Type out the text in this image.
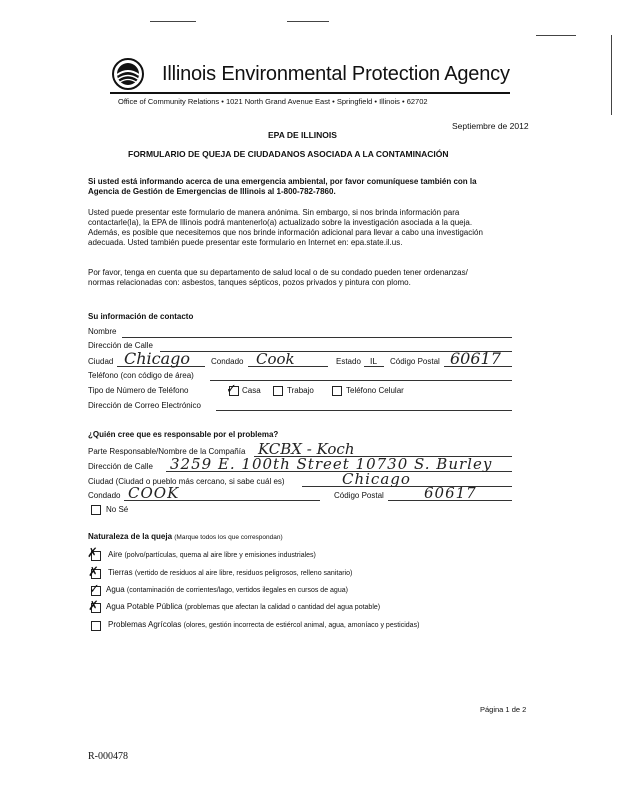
Illinois Environmental Protection Agency
Office of Community Relations • 1021 North Grand Avenue East • Springfield • Illinois • 62702
Septiembre de 2012
EPA DE ILLINOIS
FORMULARIO DE QUEJA DE CIUDADANOS ASOCIADA A LA CONTAMINACIÓN
Si usted está informando acerca de una emergencia ambiental, por favor comuníquese también con la
Agencia de Gestión de Emergencias de Illinois al 1-800-782-7860.
Usted puede presentar este formulario de manera anónima. Sin embargo, si nos brinda información para
contactarle(la), la EPA de Illinois podrá mantenerlo(a) actualizado sobre la investigación asociada a la queja.
Además, es posible que necesitemos que nos brinde información adicional para llevar a cabo una investigación
adecuada. Usted también puede presentar este formulario en Internet en: epa.state.il.us.
Por favor, tenga en cuenta que su departamento de salud local o de su condado pueden tener ordenanzas/
normas relacionadas con: asbestos, tanques sépticos, pozos privados y pintura con plomo.
Su información de contacto
Nombre
Dirección de Calle
Ciudad Chicago	Condado Cook	Estado IL Código Postal 60617
Teléfono (con código de área)
Tipo de Número de Teléfono	✓ Casa	Trabajo	Teléfono Celular
Dirección de Correo Electrónico
¿Quién cree que es responsable por el problema?
Parte Responsable/Nombre de la Compañía KCBX - Koch
Dirección de Calle 3259 E. 100th Street 10730 S. Burley
Ciudad (Ciudad o pueblo más cercano, si sabe cuál es)	Chicago
Condado COOK	Código Postal	60617
No Sé
Naturaleza de la queja (Marque todos los que correspondan)
✗ Aire (polvo/partículas, quema al aire libre y emisiones industriales)
✗ Tierras (vertido de residuos al aire libre, residuos peligrosos, relleno sanitario)
✓ Agua (contaminación de corrientes/lago, vertidos ilegales en cursos de agua)
✗ Agua Potable Pública (problemas que afectan la calidad o cantidad del agua potable)
Problemas Agrícolas (olores, gestión incorrecta de estiércol animal, agua, amoníaco y pesticidas)
Página 1 de 2
R-000478
